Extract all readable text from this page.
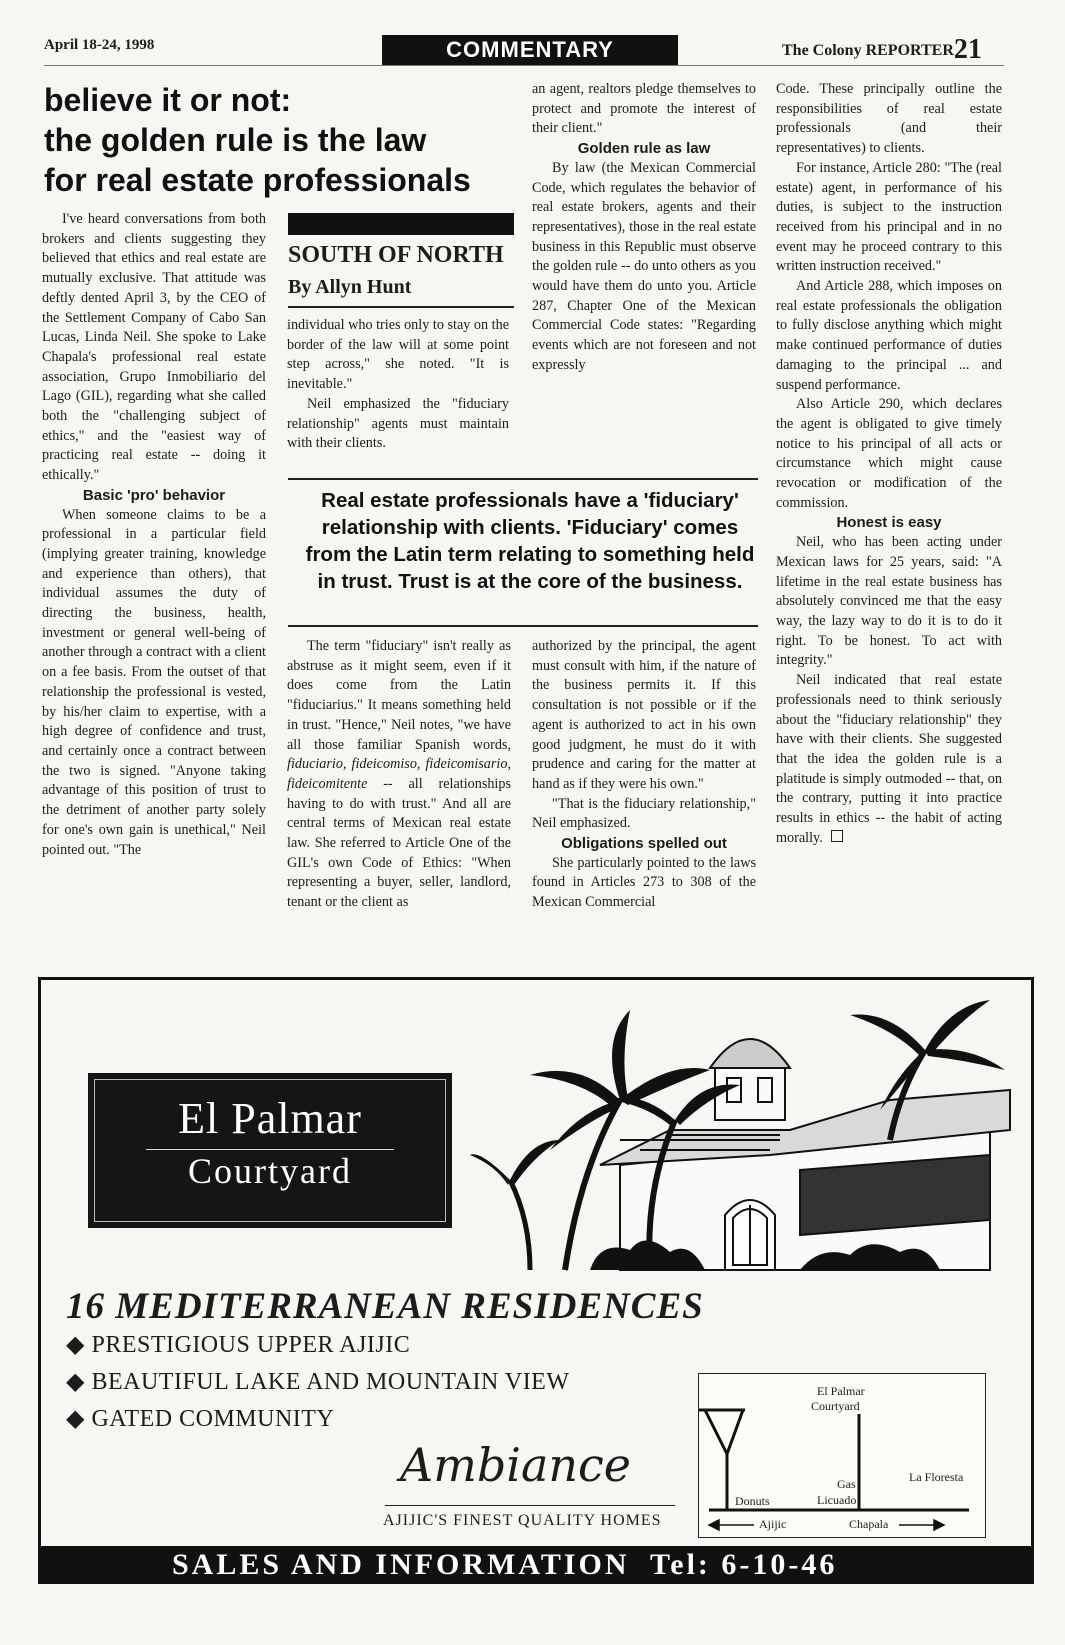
April 18-24, 1998	COMMENTARY	The Colony REPORTER21
believe it or not:
the golden rule is the law
for real estate professionals

I've heard conversations from both brokers and clients suggesting they believed that ethics and real estate are mutually exclusive. That attitude was deftly dented April 3, by the CEO of the Settlement Company of Cabo San Lucas, Linda Neil. She spoke to Lake Chapala's professional real estate association, Grupo Inmobiliario del Lago (GIL), regarding what she called both the "challenging subject of ethics," and the "easiest way of practicing real estate -- doing it ethically."

Basic 'pro' behavior

When someone claims to be a professional in a particular field (implying greater training, knowledge and experience than others), that individual assumes the duty of directing the business, health, investment or general well-being of another through a contract with a client on a fee basis. From the outset of that relationship the professional is vested, by his/her claim to expertise, with a high degree of confidence and trust, and certainly once a contract between the two is signed. "Anyone taking advantage of this position of trust to the detriment of another party solely for one's own gain is unethical," Neil pointed out. "The

SOUTH OF NORTH
By Allyn Hunt

individual who tries only to stay on the border of the law will at some point step across," she noted. "It is inevitable."

Neil emphasized the "fiduciary relationship" agents must maintain with their clients.

an agent, realtors pledge themselves to protect and promote the interest of their client."

Golden rule as law

By law (the Mexican Commercial Code, which regulates the behavior of real estate brokers, agents and their representatives), those in the real estate business in this Republic must observe the golden rule -- do unto others as you would have them do unto you. Article 287, Chapter One of the Mexican Commercial Code states: "Regarding events which are not foreseen and not expressly

Code. These principally outline the responsibilities of real estate professionals (and their representatives) to clients.

For instance, Article 280: "The (real estate) agent, in performance of his duties, is subject to the instruction received from his principal and in no event may he proceed contrary to this written instruction received."

And Article 288, which imposes on real estate professionals the obligation to fully disclose anything which might make continued performance of duties damaging to the principal ... and suspend performance.

Also Article 290, which declares the agent is obligated to give timely notice to his principal of all acts or circumstance which might cause revocation or modification of the commission.

Honest is easy

Neil, who has been acting under Mexican laws for 25 years, said: "A lifetime in the real estate business has absolutely convinced me that the easy way, the lazy way to do it is to do it right. To be honest. To act with integrity."

Neil indicated that real estate professionals need to think seriously about the "fiduciary relationship" they have with their clients. She suggested that the idea the golden rule is a platitude is simply outmoded -- that, on the contrary, putting it into practice results in ethics -- the habit of acting morally.

Real estate professionals have a 'fiduciary' relationship with clients. 'Fiduciary' comes from the Latin term relating to something held in trust. Trust is at the core of the business.

The term "fiduciary" isn't really as abstruse as it might seem, even if it does come from the Latin "fiduciarius." It means something held in trust. "Hence," Neil notes, "we have all those familiar Spanish words, fiduciario, fideicomiso, fideicomisario, fideicomitente -- all relationships having to do with trust." And all are central terms of Mexican real estate law. She referred to Article One of the GIL's own Code of Ethics: "When representing a buyer, seller, landlord, tenant or the client as

authorized by the principal, the agent must consult with him, if the nature of the business permits it. If this consultation is not possible or if the agent is authorized to act in his own good judgment, he must do it with prudence and caring for the matter at hand as if they were his own."

"That is the fiduciary relationship," Neil emphasized.

Obligations spelled out

She particularly pointed to the laws found in Articles 273 to 308 of the Mexican Commercial

El Palmar
Courtyard
16 MEDITERRANEAN RESIDENCES
◆ PRESTIGIOUS UPPER AJIJIC
◆ BEAUTIFUL LAKE AND MOUNTAIN VIEW
◆ GATED COMMUNITY
Ambiance
AJIJIC'S FINEST QUALITY HOMES
El Palmar
Courtyard
Donuts
Gas
Licuado
La Floresta
Ajijic	Chapala
SALES AND INFORMATION Tel: 6-10-46
